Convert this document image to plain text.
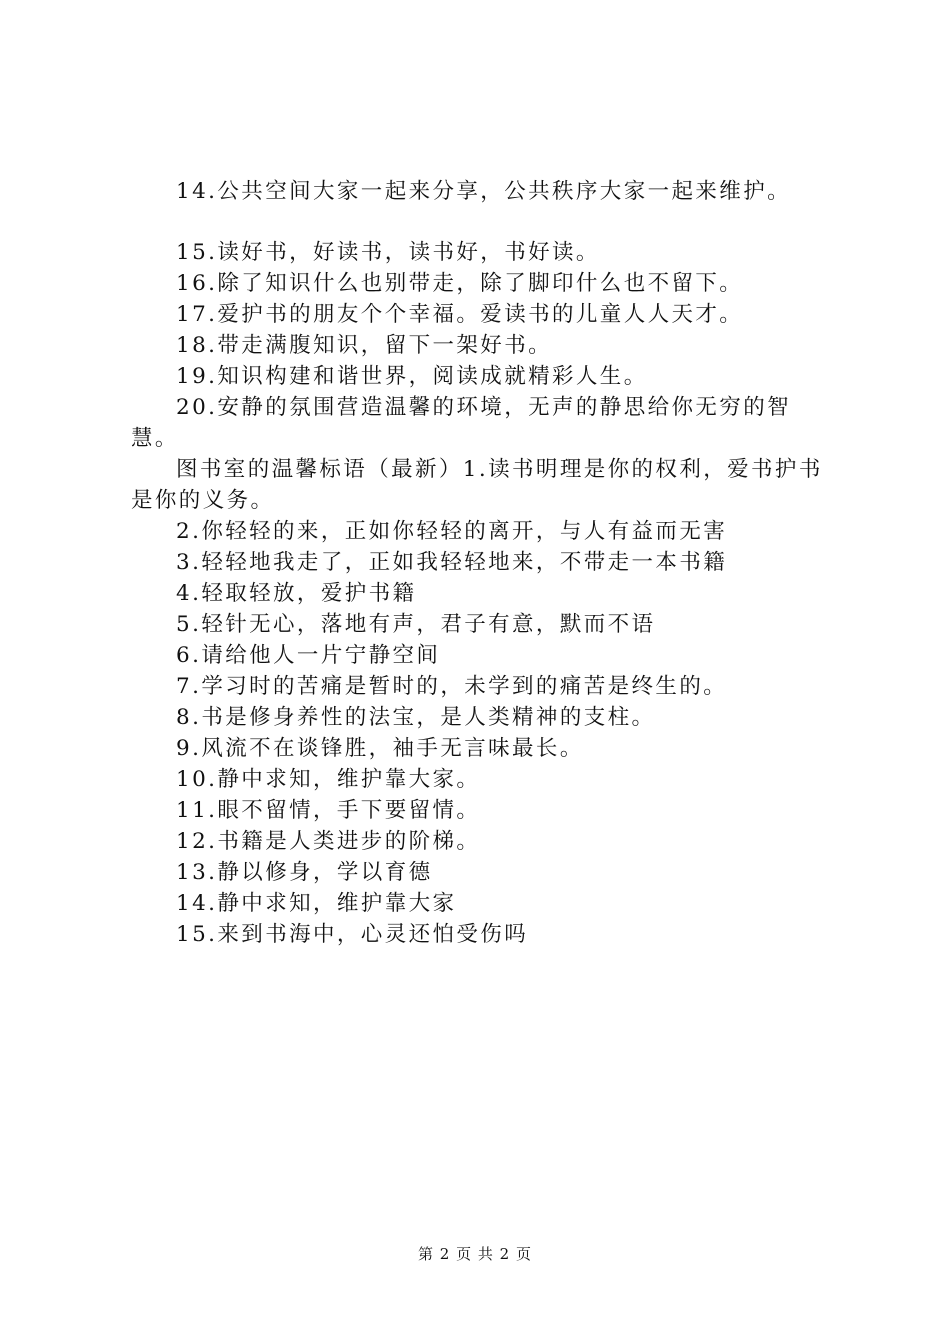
14.公共空间大家一起来分享，公共秩序大家一起来维护。

15.读好书，好读书，读书好，书好读。

16.除了知识什么也别带走，除了脚印什么也不留下。

17.爱护书的朋友个个幸福。爱读书的儿童人人天才。

18.带走满腹知识，留下一架好书。

19.知识构建和谐世界，阅读成就精彩人生。

20.安静的氛围营造温馨的环境，无声的静思给你无穷的智慧。

图书室的温馨标语（最新）1.读书明理是你的权利，爱书护书是你的义务。

2.你轻轻的来，正如你轻轻的离开，与人有益而无害

3.轻轻地我走了，正如我轻轻地来，不带走一本书籍

4.轻取轻放，爱护书籍

5.轻针无心，落地有声，君子有意，默而不语

6.请给他人一片宁静空间

7.学习时的苦痛是暂时的，未学到的痛苦是终生的。

8.书是修身养性的法宝，是人类精神的支柱。

9.风流不在谈锋胜，袖手无言味最长。

10.静中求知，维护靠大家。

11.眼不留情，手下要留情。

12.书籍是人类进步的阶梯。

13.静以修身，学以育德

14.静中求知，维护靠大家

15.来到书海中，心灵还怕受伤吗

第 2 页 共 2 页
